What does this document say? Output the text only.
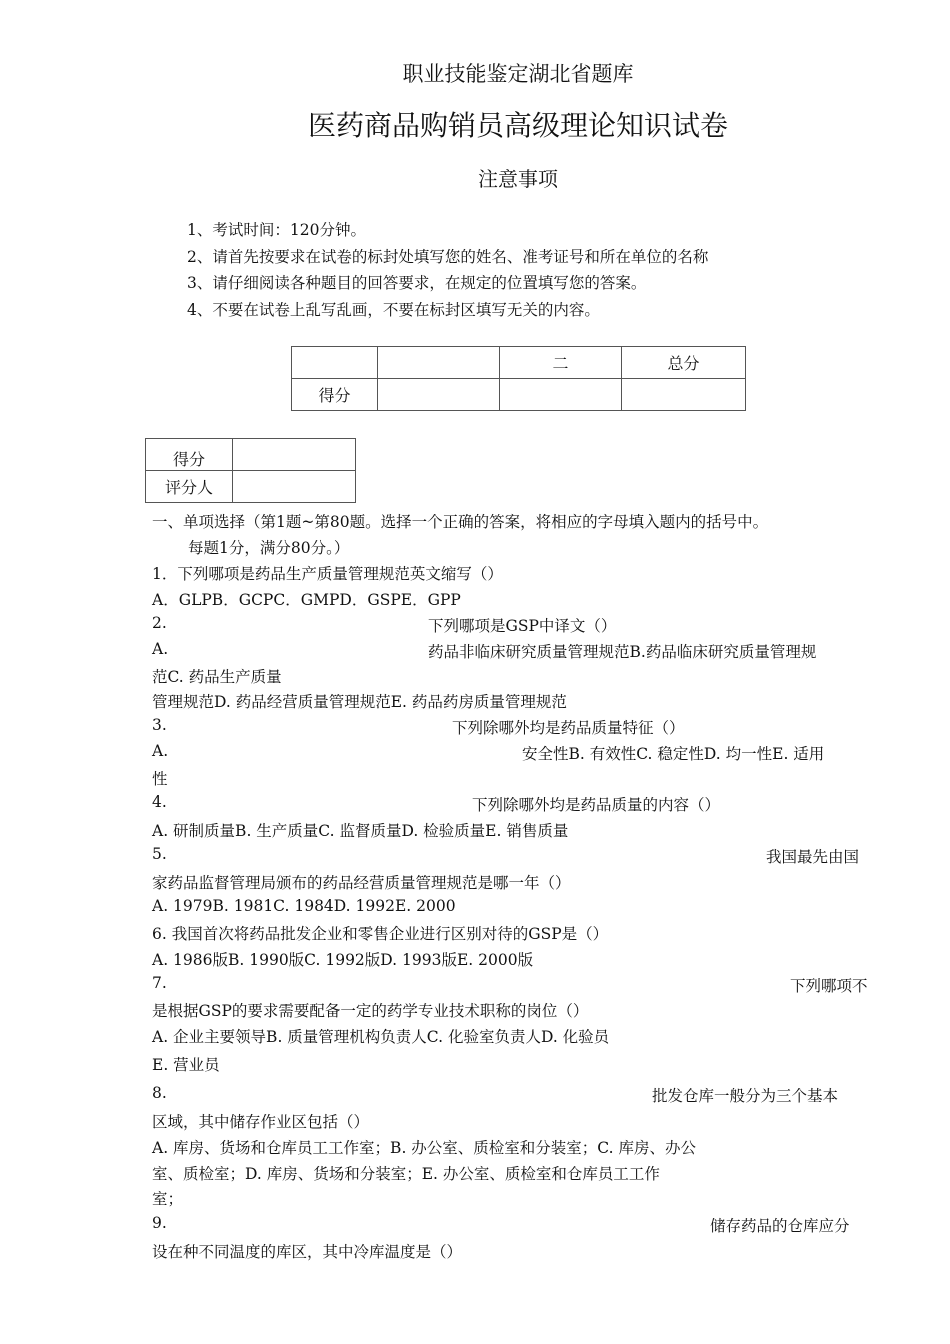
职业技能鉴定湖北省题库
医药商品购销员高级理论知识试卷
注意事项
1、考试时间：120分钟。
2、请首先按要求在试卷的标封处填写您的姓名、准考证号和所在单位的名称
3、请仔细阅读各种题目的回答要求，在规定的位置填写您的答案。
4、不要在试卷上乱写乱画，不要在标封区填写无关的内容。
		二	总分
得分			
得分	
评分人	
一、单项选择（第1题~第80题。选择一个正确的答案，将相应的字母填入题内的括号中。
每题1分，满分80分。）
1．下列哪项是药品生产质量管理规范英文缩写（）
A．GLPB．GCPC．GMPD．GSPE．GPP
2.	下列哪项是GSP中译文（）
A.	药品非临床研究质量管理规范B.药品临床研究质量管理规
范C. 药品生产质量
管理规范D. 药品经营质量管理规范E. 药品药房质量管理规范
3.	下列除哪外均是药品质量特征（）
A.	安全性B. 有效性C. 稳定性D. 均一性E. 适用
性
4.	下列除哪外均是药品质量的内容（）
A. 研制质量B. 生产质量C. 监督质量D. 检验质量E. 销售质量
5.	我国最先由国
家药品监督管理局颁布的药品经营质量管理规范是哪一年（）
A. 1979B. 1981C. 1984D. 1992E. 2000
6. 我国首次将药品批发企业和零售企业进行区别对待的GSP是（）
A. 1986版B. 1990版C. 1992版D. 1993版E. 2000版
7.	下列哪项不
是根据GSP的要求需要配备一定的药学专业技术职称的岗位（）
A. 企业主要领导B. 质量管理机构负责人C. 化验室负责人D. 化验员
E. 营业员
8.	批发仓库一般分为三个基本
区域，其中储存作业区包括（）
A. 库房、货场和仓库员工工作室；B. 办公室、质检室和分装室；C. 库房、办公
室、质检室；D. 库房、货场和分装室；E. 办公室、质检室和仓库员工工作
室；
9.	储存药品的仓库应分
设在种不同温度的库区，其中冷库温度是（）
